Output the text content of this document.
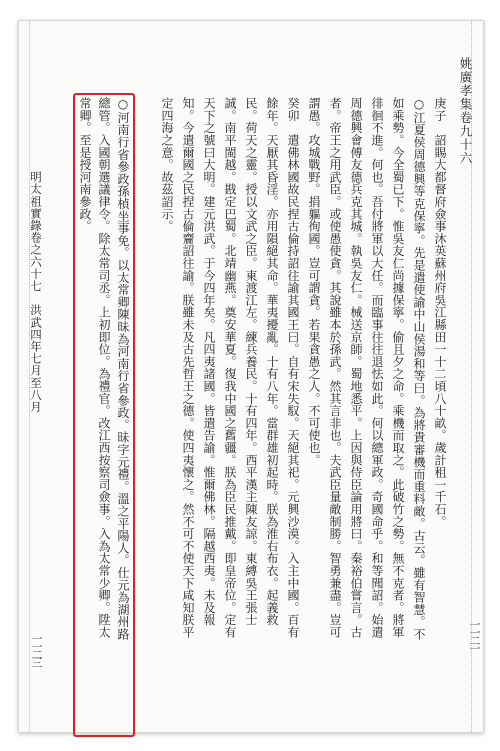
姚廣孝集卷九十六
庚子　詔賜大都督府僉事沐英蘇州府吳江縣田一十二頃八十畝。歲計租一千石。
○江夏侯周德興等克保寧。先是遣使諭中山侯湯和等曰。為將貴審機而重料敵。古云。雖有智慧。不
如乘勢。今全蜀已下。惟吳友仁尚據保寧。偷且夕之命。乘機而取之。此破竹之勢。無不克者。將軍
徘徊不進。何也。吾付將軍以大任。而臨事往往退怯如此。何以總軍政。奇國命乎。和等聞詔。始遣
周德興會傅友德兵克其城。執吳友仁。械送京師。蜀地悉平。上因與侍臣論用將曰。秦裕伯嘗言。古
者。帝王之用武臣。或使愚使貪。其說雖本於孫武。然其言非也。夫武臣量敵制勝。智勇兼盡。豈可
謂愚。攻城戰野。捐軀徇國。豈可謂貪。若果貪愚之人。不可使也。
癸卯　遣佛林國故民捏古倫持詔往諭其國王曰。自有宋失馭。天絕其祀。元興沙漠。入主中國。百有
餘年。天厭其昏淫。亦用隕絕其命。華夷擾亂。十有八年。當群雄初起時。朕為淮右布衣。起義救
民。荷天之靈。授以文武之臣。東渡江左。練兵養民。十有四年。西平漢主陳友諒。東縛吳王張士
誠。南平閩越。戡定巴蜀。北靖幽燕。奠安華夏。復我中國之舊疆。朕為臣民推戴。即皇帝位。定有
天下之號曰大明。建元洪武。于今四年矣。凡四夷諸國。皆遣告諭。惟爾佛林。隔越西夷。未及報
知。今遣爾國之民捏古倫齎詔往諭。朕雖未及古先哲王之德。使四夷懷之。然不可不使天下咸知朕平
定四海之意。故茲詔示。
○河南行省參政孫楨坐事免。以太常卿陳昧為河南行省參政。昧字元禮。溫之平陽人。仕元為湖州路
總管。入國朝選議律令。除太常司丞。上初即位。為禮官。改江西按察司僉事。入為太常少卿。陞太
常卿。至是授河南參政。
明太祖實錄卷之六十七　洪武四年七月至八月
一一二一
一一二三
